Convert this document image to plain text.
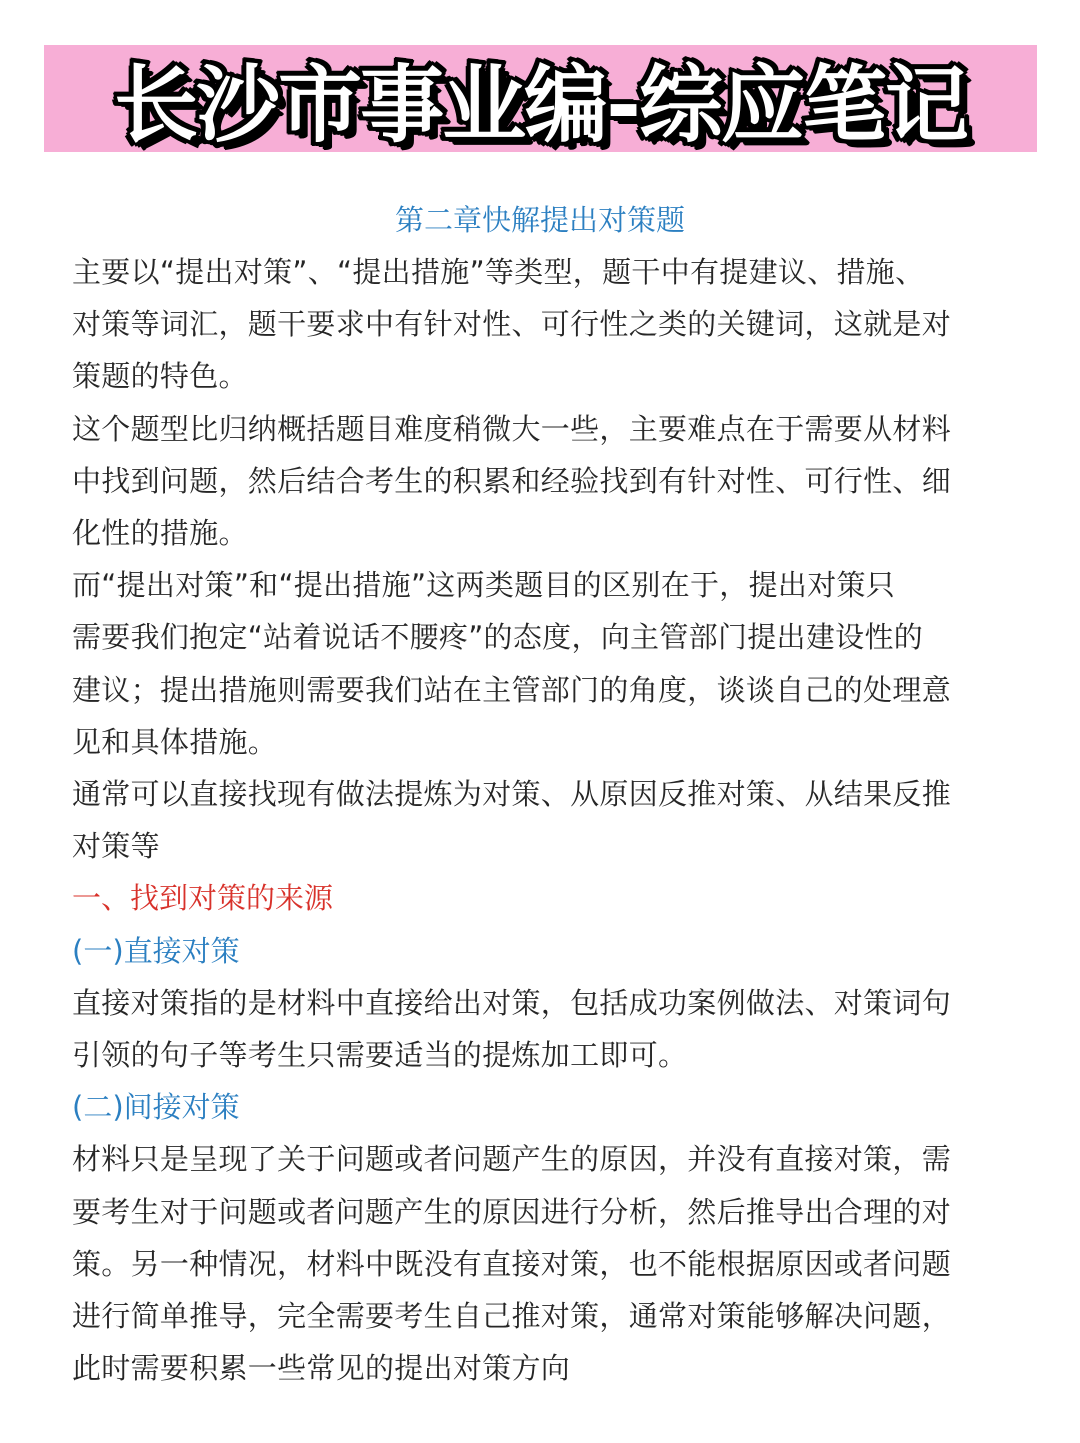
长沙市事业编-综应笔记
第二章快解提出对策题
主要以“提出对策”、“提出措施”等类型，题干中有提建议、措施、
对策等词汇，题干要求中有针对性、可行性之类的关键词，这就是对
策题的特色。
这个题型比归纳概括题目难度稍微大一些，主要难点在于需要从材料
中找到问题，然后结合考生的积累和经验找到有针对性、可行性、细
化性的措施。
而“提出对策”和“提出措施”这两类题目的区别在于，提出对策只
需要我们抱定“站着说话不腰疼”的态度，向主管部门提出建设性的
建议；提出措施则需要我们站在主管部门的角度，谈谈自己的处理意
见和具体措施。
通常可以直接找现有做法提炼为对策、从原因反推对策、从结果反推
对策等
一、找到对策的来源
(一)直接对策
直接对策指的是材料中直接给出对策，包括成功案例做法、对策词句
引领的句子等考生只需要适当的提炼加工即可。
(二)间接对策
材料只是呈现了关于问题或者问题产生的原因，并没有直接对策，需
要考生对于问题或者问题产生的原因进行分析，然后推导出合理的对
策。另一种情况，材料中既没有直接对策，也不能根据原因或者问题
进行简单推导，完全需要考生自己推对策，通常对策能够解决问题，
此时需要积累一些常见的提出对策方向
